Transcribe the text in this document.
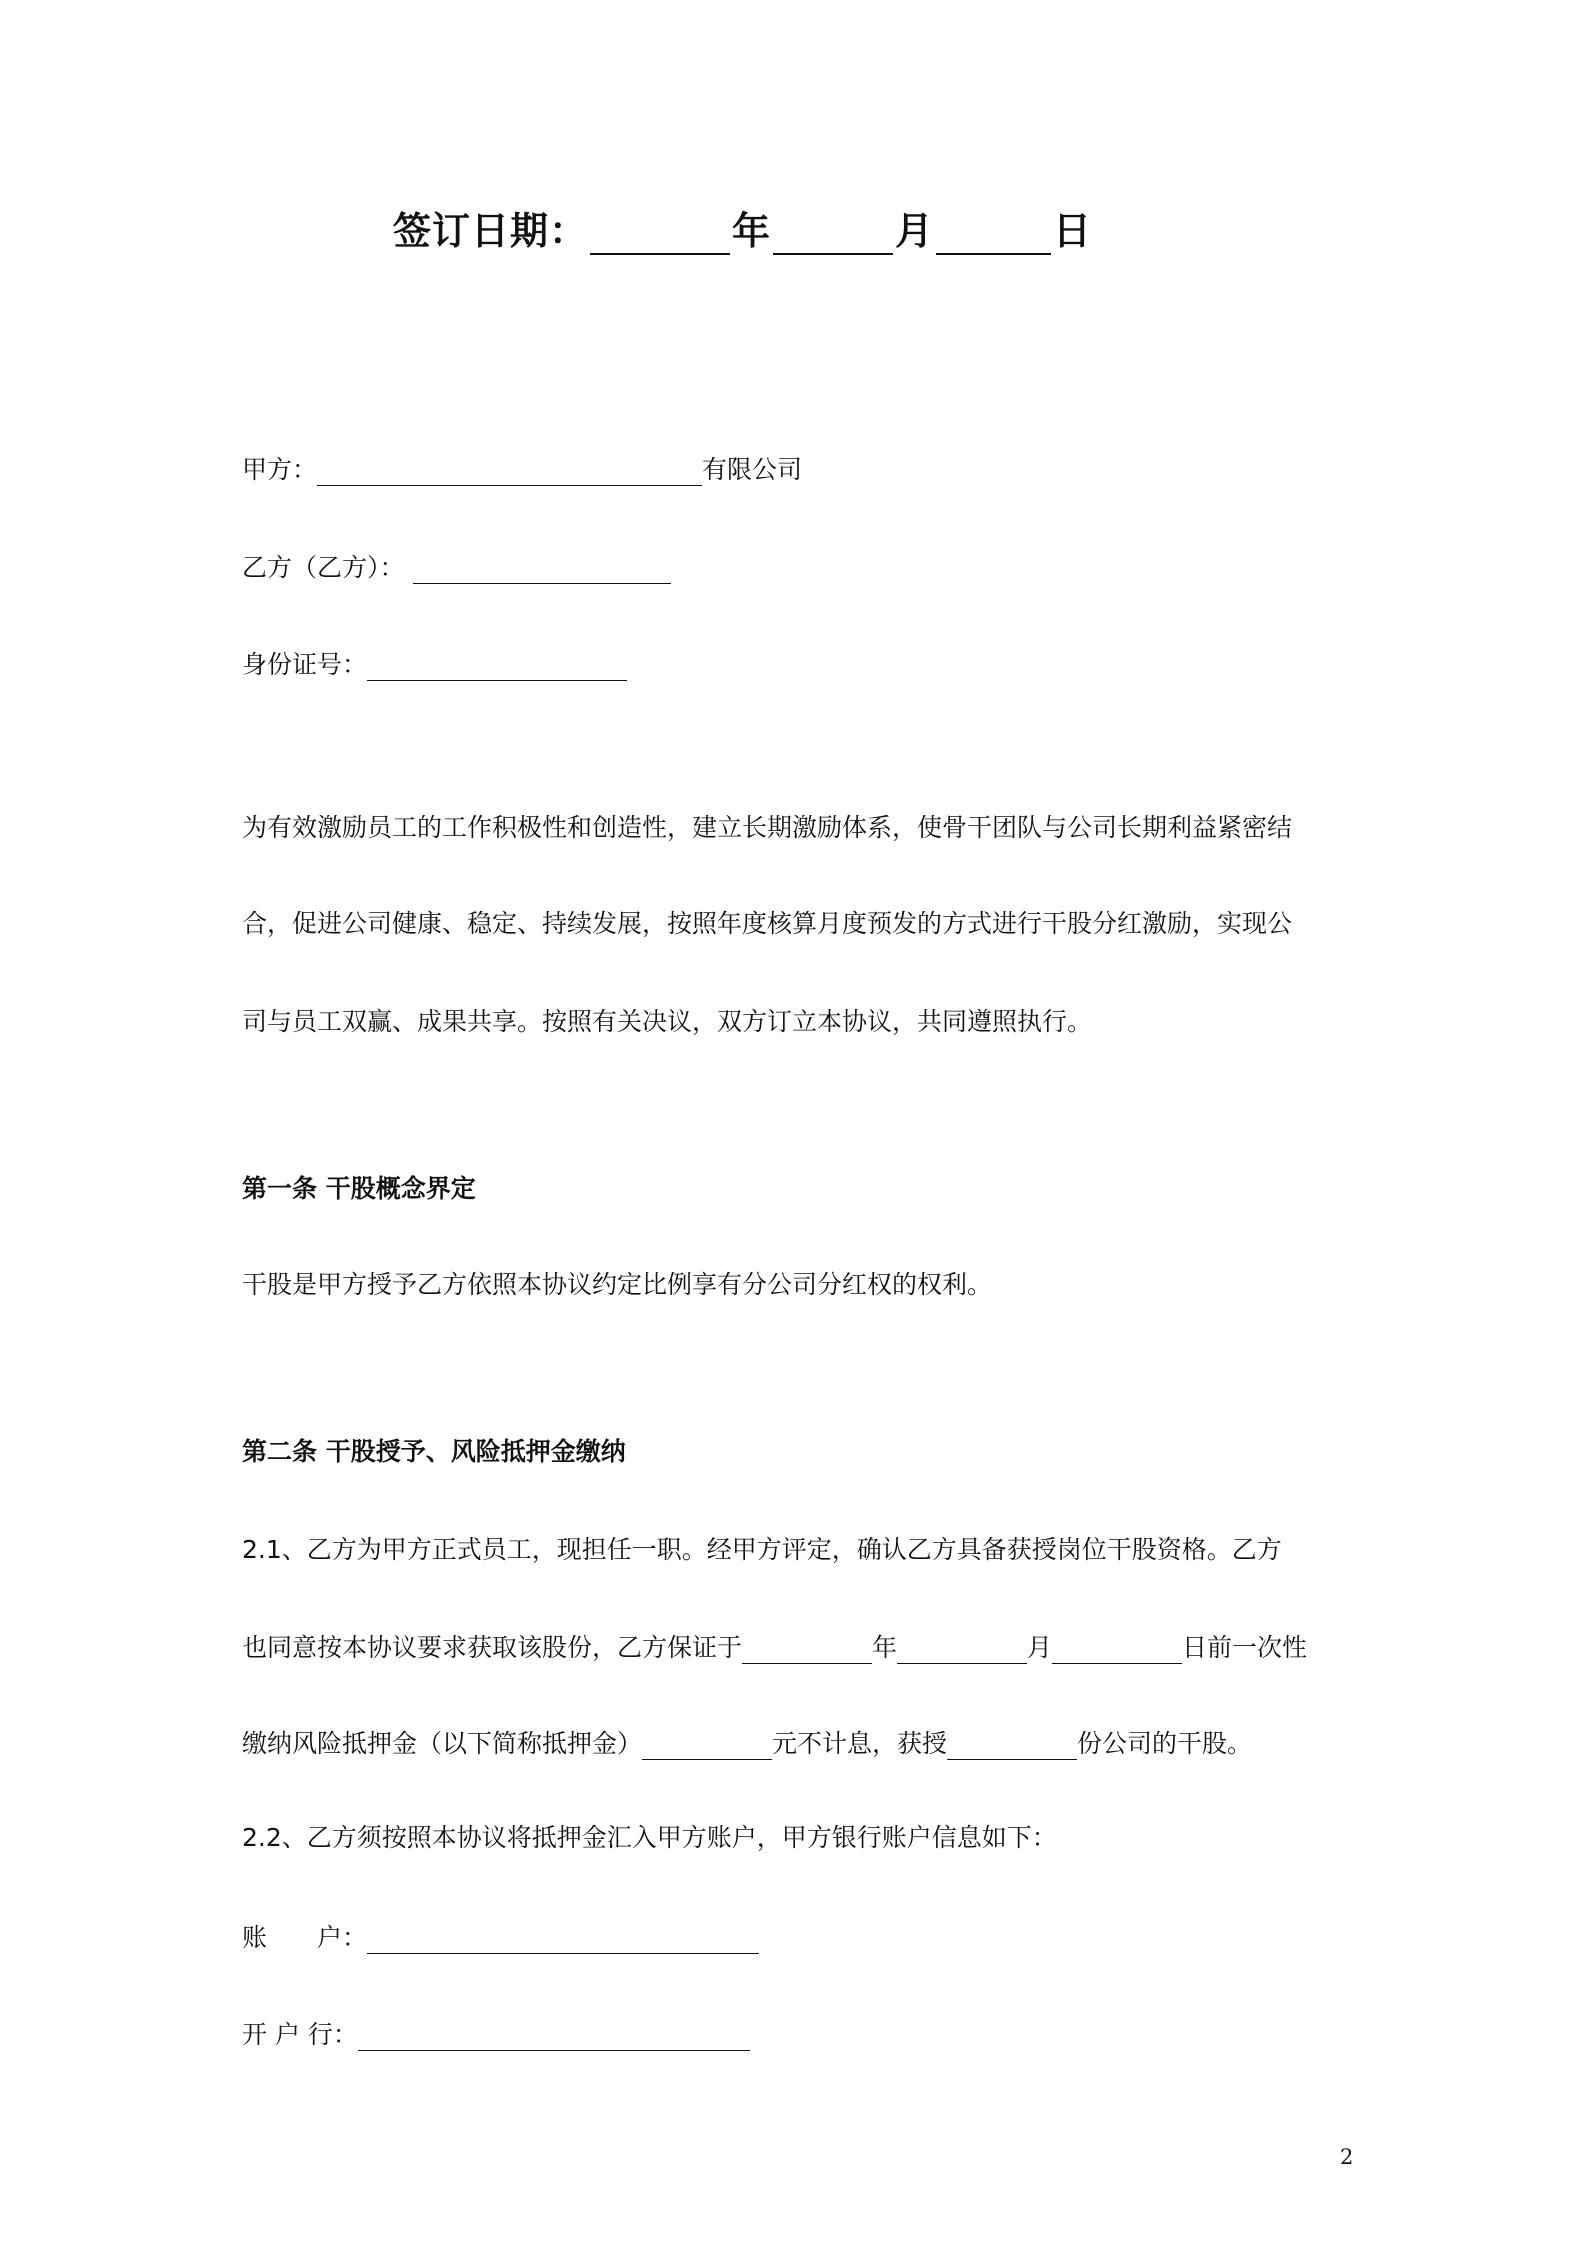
签订日期：	年	月	日
甲方：	有限公司
乙方（乙方）：
身份证号：
为有效激励员工的工作积极性和创造性，建立长期激励体系，使骨干团队与公司长期利益紧密结
合，促进公司健康、稳定、持续发展，按照年度核算月度预发的方式进行干股分红激励，实现公
司与员工双赢、成果共享。按照有关决议，双方订立本协议，共同遵照执行。
第一条 干股概念界定
干股是甲方授予乙方依照本协议约定比例享有分公司分红权的权利。
第二条 干股授予、风险抵押金缴纳
2.1、乙方为甲方正式员工，现担任一职。经甲方评定，确认乙方具备获授岗位干股资格。乙方
也同意按本协议要求获取该股份，乙方保证于	年	月	日前一次性
缴纳风险抵押金（以下简称抵押金）	元不计息，获授	份公司的干股。
2.2、乙方须按照本协议将抵押金汇入甲方账户，甲方银行账户信息如下：
账　　户：
开 户 行：
2
